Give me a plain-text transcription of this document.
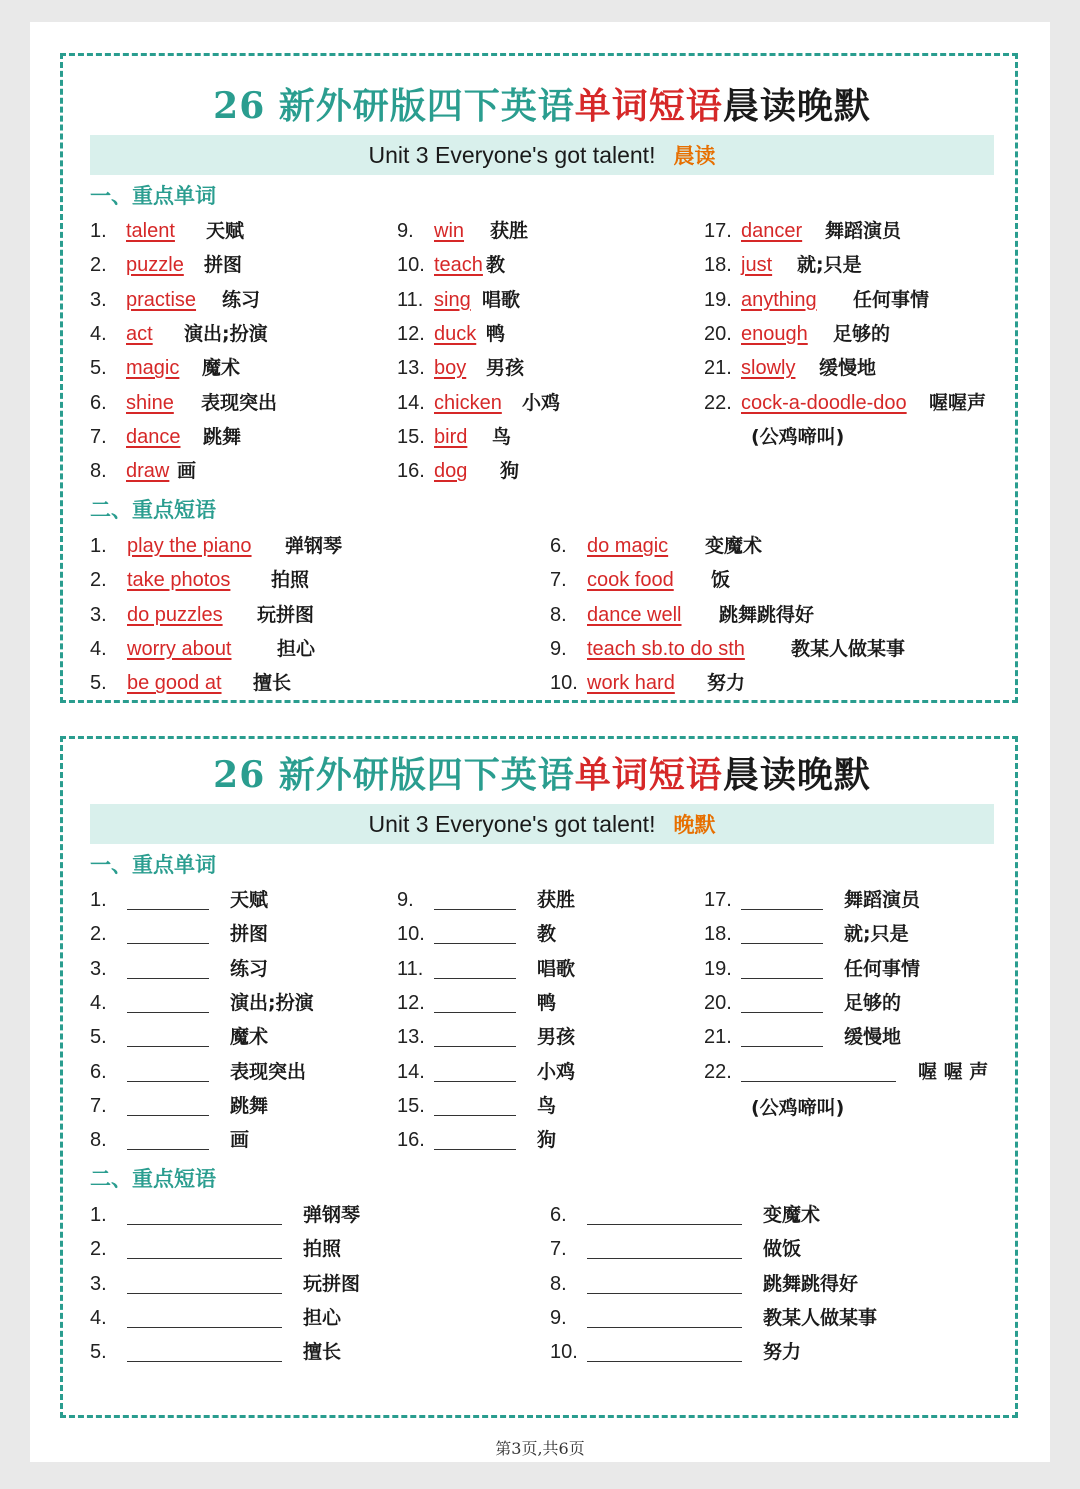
26 新外研版四下英语单词短语晨读晚默
Unit 3 Everyone's got talent! 晨读
一、重点单词
1. talent 天赋
2. puzzle 拼图
3. practise 练习
4. act 演出;扮演
5. magic 魔术
6. shine 表现突出
7. dance 跳舞
8. draw 画
9. win 获胜
10. teach 教
11. sing 唱歌
12. duck 鸭
13. boy 男孩
14. chicken 小鸡
15. bird 鸟
16. dog 狗
17. dancer 舞蹈演员
18. just 就;只是
19. anything 任何事情
20. enough 足够的
21. slowly 缓慢地
22. cock-a-doodle-doo 喔喔声
(公鸡啼叫)
二、重点短语
1. play the piano 弹钢琴
2. take photos 拍照
3. do puzzles 玩拼图
4. worry about 担心
5. be good at 擅长
6. do magic 变魔术
7. cook food 饭
8. dance well 跳舞跳得好
9. teach sb.to do sth 教某人做某事
10. work hard 努力
26 新外研版四下英语单词短语晨读晚默
Unit 3 Everyone's got talent! 晚默
一、重点单词
1.	天赋
2.	拼图
3.	练习
4.	演出;扮演
5.	魔术
6.	表现突出
7.	跳舞
8.	画
9.	获胜
10.	教
11.	唱歌
12.	鸭
13.	男孩
14.	小鸡
15.	鸟
16.	狗
17.	舞蹈演员
18.	就;只是
19.	任何事情
20.	足够的
21.	缓慢地
22.	喔 喔 声
(公鸡啼叫)
二、重点短语
1.	弹钢琴
2.	拍照
3.	玩拼图
4.	担心
5.	擅长
6.	变魔术
7.	做饭
8.	跳舞跳得好
9.	教某人做某事
10.	努力
第3页,共6页
